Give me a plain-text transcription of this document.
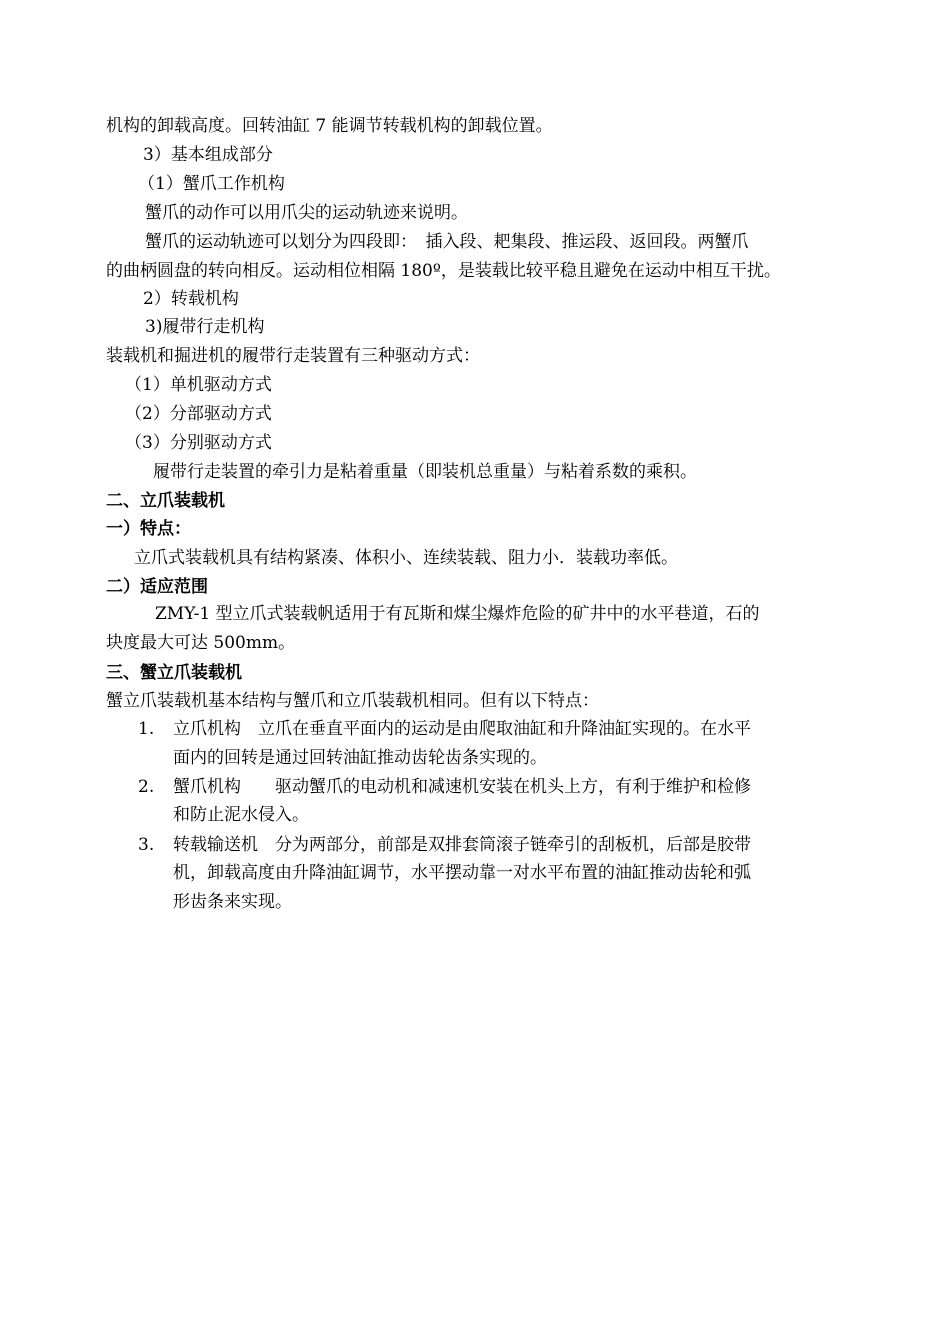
机构的卸载高度。回转油缸 7 能调节转载机构的卸载位置。
3）基本组成部分
（1）蟹爪工作机构
蟹爪的动作可以用爪尖的运动轨迹来说明。
蟹爪的运动轨迹可以划分为四段即：　插入段、耙集段、推运段、返回段。两蟹爪
的曲柄圆盘的转向相反。运动相位相隔 180º，是装载比较平稳且避免在运动中相互干扰。
2）转载机构
3)履带行走机构
装载机和掘进机的履带行走装置有三种驱动方式：
（1）单机驱动方式
（2）分部驱动方式
（3）分别驱动方式
履带行走装置的牵引力是粘着重量（即装机总重量）与粘着系数的乘积。
二、立爪装载机
一）特点：
立爪式装载机具有结构紧凑、体积小、连续装载、阻力小．装载功率低。
二）适应范围
ZMY-1 型立爪式装载帆适用于有瓦斯和煤尘爆炸危险的矿井中的水平巷道，石的
块度最大可达 500mm。
三、蟹立爪装载机
蟹立爪装载机基本结构与蟹爪和立爪装载机相同。但有以下特点：
1. 立爪机构　立爪在垂直平面内的运动是由爬取油缸和升降油缸实现的。在水平
面内的回转是通过回转油缸推动齿轮齿条实现的。
2. 蟹爪机构　　驱动蟹爪的电动机和减速机安装在机头上方，有利于维护和检修
和防止泥水侵入。
3. 转载输送机　分为两部分，前部是双排套筒滚子链牵引的刮板机，后部是胶带
机，卸载高度由升降油缸调节，水平摆动靠一对水平布置的油缸推动齿轮和弧
形齿条来实现。
